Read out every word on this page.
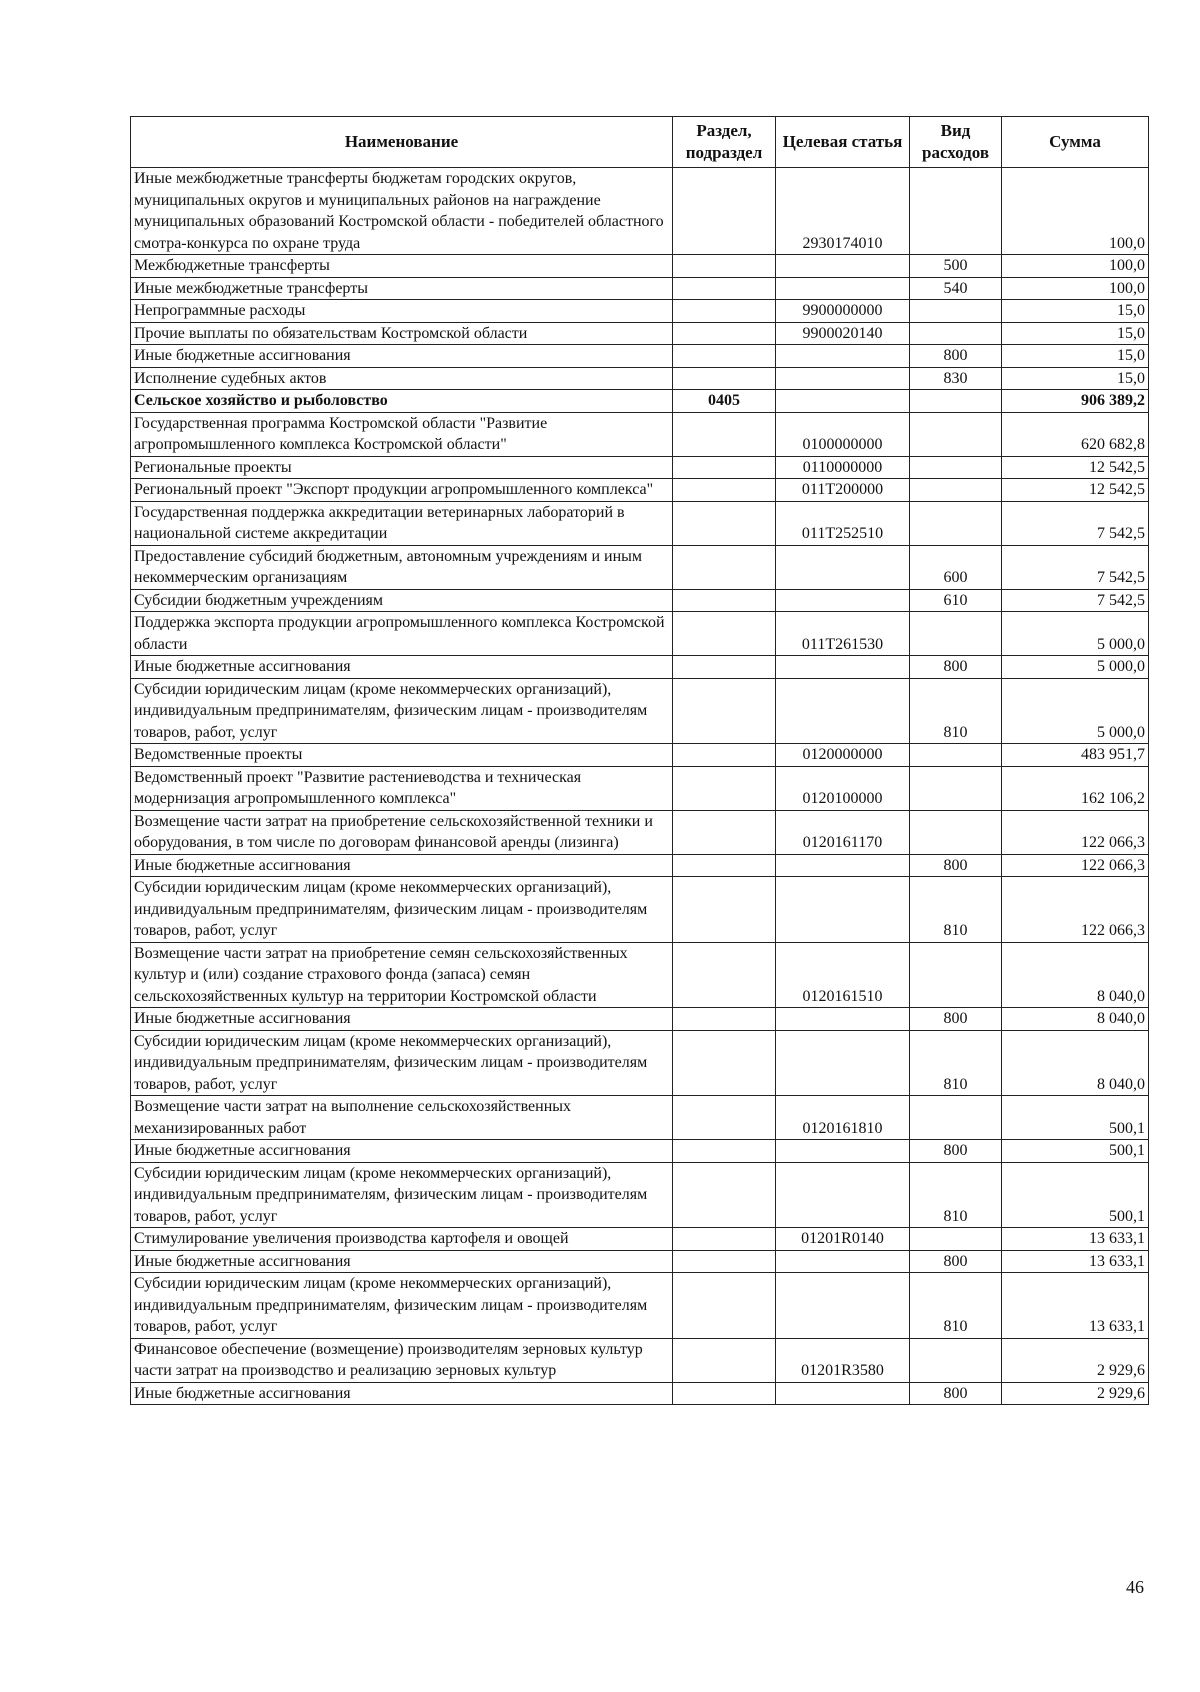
Наименование	Раздел, подраздел	Целевая статья	Вид расходов	Сумма
Иные межбюджетные трансферты бюджетам городских округов, муниципальных округов и муниципальных районов на награждение муниципальных образований Костромской области - победителей областного смотра-конкурса по охране труда		2930174010		100,0
Межбюджетные трансферты			500	100,0
Иные межбюджетные трансферты			540	100,0
Непрограммные расходы		9900000000		15,0
Прочие выплаты по обязательствам Костромской области		9900020140		15,0
Иные бюджетные ассигнования			800	15,0
Исполнение судебных актов			830	15,0
Сельское хозяйство и рыболовство	0405			906 389,2
Государственная программа Костромской области "Развитие агропромышленного комплекса Костромской области"		0100000000		620 682,8
Региональные проекты		0110000000		12 542,5
Региональный проект "Экспорт продукции агропромышленного комплекса"		011Т200000		12 542,5
Государственная поддержка аккредитации ветеринарных лабораторий в национальной системе аккредитации		011Т252510		7 542,5
Предоставление субсидий бюджетным, автономным учреждениям и иным некоммерческим организациям			600	7 542,5
Субсидии бюджетным учреждениям			610	7 542,5
Поддержка экспорта продукции агропромышленного комплекса Костромской области		011Т261530		5 000,0
Иные бюджетные ассигнования			800	5 000,0
Субсидии юридическим лицам (кроме некоммерческих организаций), индивидуальным предпринимателям, физическим лицам - производителям товаров, работ, услуг			810	5 000,0
Ведомственные проекты		0120000000		483 951,7
Ведомственный проект "Развитие растениеводства и техническая модернизация агропромышленного комплекса"		0120100000		162 106,2
Возмещение части затрат на приобретение сельскохозяйственной техники и оборудования, в том числе по договорам финансовой аренды (лизинга)		0120161170		122 066,3
Иные бюджетные ассигнования			800	122 066,3
Субсидии юридическим лицам (кроме некоммерческих организаций), индивидуальным предпринимателям, физическим лицам - производителям товаров, работ, услуг			810	122 066,3
Возмещение части затрат на приобретение семян сельскохозяйственных культур и (или) создание страхового фонда (запаса) семян сельскохозяйственных культур на территории Костромской области		0120161510		8 040,0
Иные бюджетные ассигнования			800	8 040,0
Субсидии юридическим лицам (кроме некоммерческих организаций), индивидуальным предпринимателям, физическим лицам - производителям товаров, работ, услуг			810	8 040,0
Возмещение части затрат на выполнение сельскохозяйственных механизированных работ		0120161810		500,1
Иные бюджетные ассигнования			800	500,1
Субсидии юридическим лицам (кроме некоммерческих организаций), индивидуальным предпринимателям, физическим лицам - производителям товаров, работ, услуг			810	500,1
Стимулирование увеличения производства картофеля и овощей		01201R0140		13 633,1
Иные бюджетные ассигнования			800	13 633,1
Субсидии юридическим лицам (кроме некоммерческих организаций), индивидуальным предпринимателям, физическим лицам - производителям товаров, работ, услуг			810	13 633,1
Финансовое обеспечение (возмещение) производителям зерновых культур части затрат на производство и реализацию зерновых культур		01201R3580		2 929,6
Иные бюджетные ассигнования			800	2 929,6
46
